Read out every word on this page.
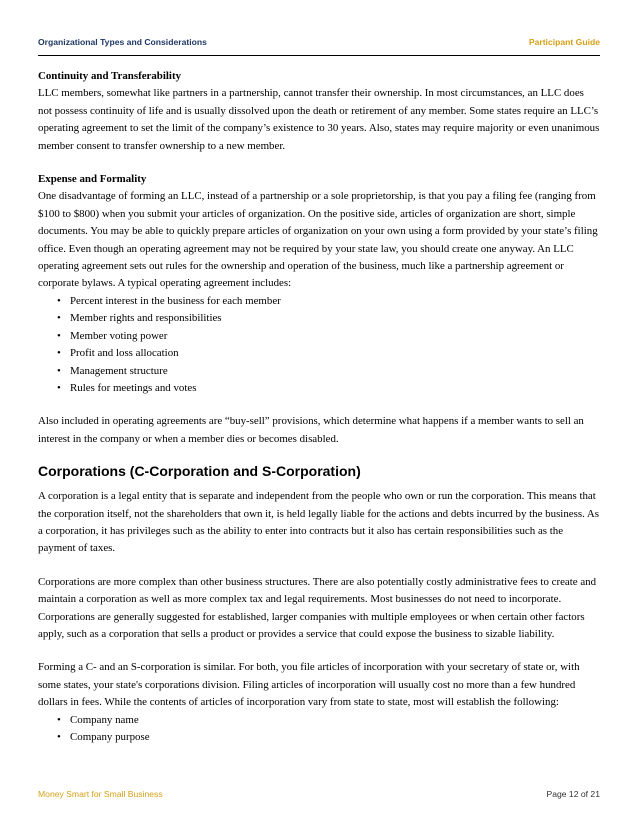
Organizational Types and Considerations	Participant Guide

Continuity and Transferability

LLC members, somewhat like partners in a partnership, cannot transfer their ownership. In most circumstances, an LLC does not possess continuity of life and is usually dissolved upon the death or retirement of any member. Some states require an LLC’s operating agreement to set the limit of the company’s existence to 30 years. Also, states may require majority or even unanimous member consent to transfer ownership to a new member.

Expense and Formality

One disadvantage of forming an LLC, instead of a partnership or a sole proprietorship, is that you pay a filing fee (ranging from $100 to $800) when you submit your articles of organization. On the positive side, articles of organization are short, simple documents. You may be able to quickly prepare articles of organization on your own using a form provided by your state’s filing office. Even though an operating agreement may not be required by your state law, you should create one anyway. An LLC operating agreement sets out rules for the ownership and operation of the business, much like a partnership agreement or corporate bylaws. A typical operating agreement includes:

• Percent interest in the business for each member
• Member rights and responsibilities
• Member voting power
• Profit and loss allocation
• Management structure
• Rules for meetings and votes

Also included in operating agreements are “buy-sell” provisions, which determine what happens if a member wants to sell an interest in the company or when a member dies or becomes disabled.

Corporations (C-Corporation and S-Corporation)

A corporation is a legal entity that is separate and independent from the people who own or run the corporation. This means that the corporation itself, not the shareholders that own it, is held legally liable for the actions and debts incurred by the business. As a corporation, it has privileges such as the ability to enter into contracts but it also has certain responsibilities such as the payment of taxes.

Corporations are more complex than other business structures. There are also potentially costly administrative fees to create and maintain a corporation as well as more complex tax and legal requirements. Most businesses do not need to incorporate. Corporations are generally suggested for established, larger companies with multiple employees or when certain other factors apply, such as a corporation that sells a product or provides a service that could expose the business to sizable liability.

Forming a C- and an S-corporation is similar. For both, you file articles of incorporation with your secretary of state or, with some states, your state's corporations division. Filing articles of incorporation will usually cost no more than a few hundred dollars in fees. While the contents of articles of incorporation vary from state to state, most will establish the following:

• Company name
• Company purpose
Money Smart for Small Business	Page 12 of 21
